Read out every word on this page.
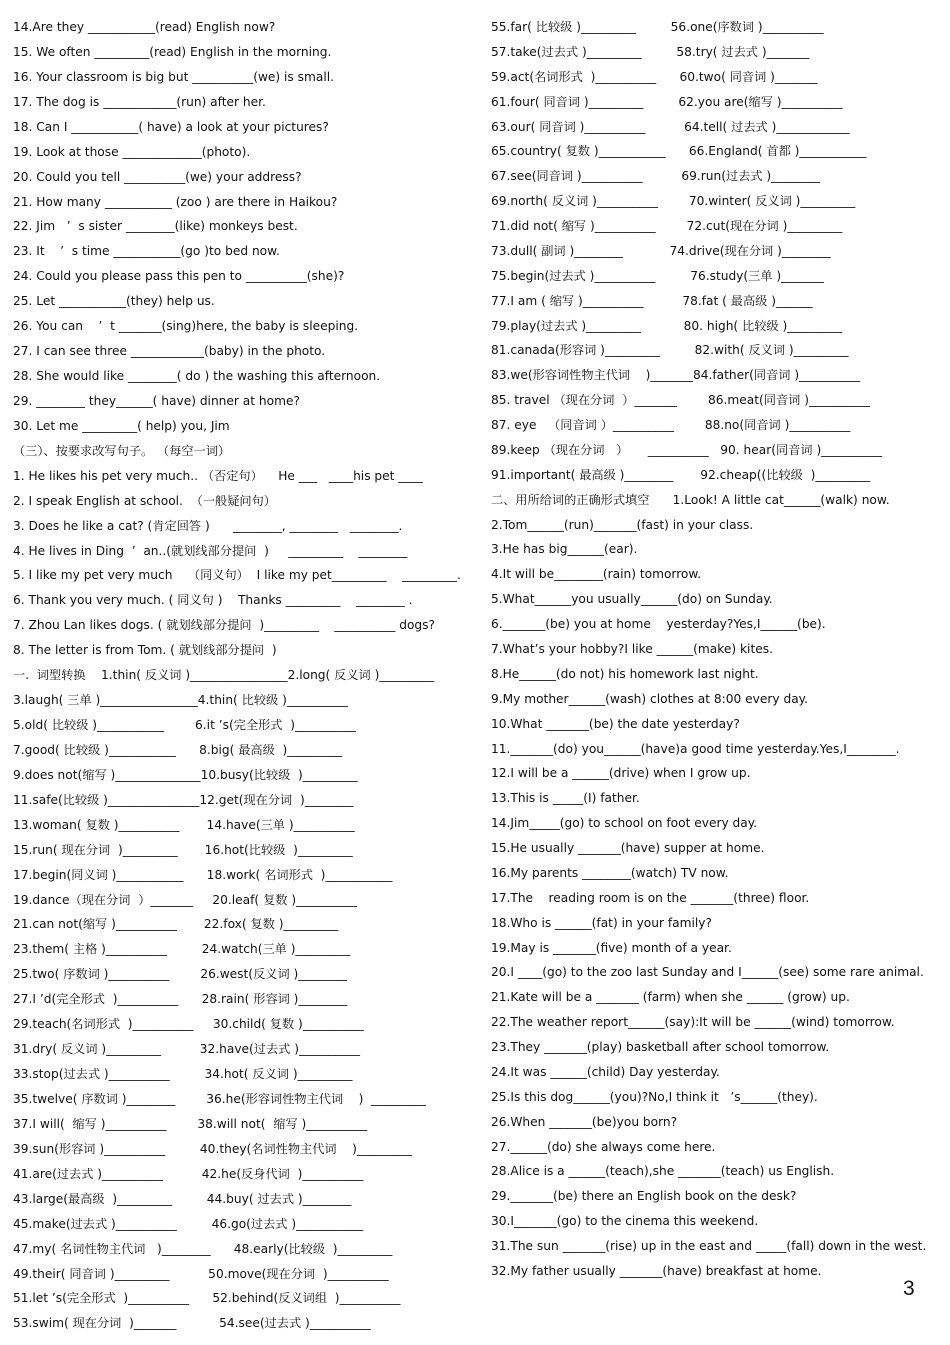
14.Are they ___________(read) English now?
15. We often _________(read) English in the morning.
16. Your classroom is big but __________(we) is small.
17. The dog is ____________(run) after her.
18. Can I ___________( have) a look at your pictures?
19. Look at those _____________(photo).
20. Could you tell __________(we) your address?
21. How many ___________ (zoo ) are there in Haikou?
22. Jim   ’  s sister ________(like) monkeys best.
23. It    ’  s time ___________(go )to bed now.
24. Could you please pass this pen to __________(she)?
25. Let ___________(they) help us.
26. You can    ’  t _______(sing)here, the baby is sleeping.
27. I can see three ____________(baby) in the photo.
28. She would like ________( do ) the washing this afternoon.
29. ________ they______( have) dinner at home?
30. Let me _________( help) you, Jim
（三）、按要求改写句子。 （每空一词）
1. He likes his pet very much.. （否定句）    He ___   ____his pet ____
2. I speak English at school.  （一般疑问句）
3. Does he like a cat? (肯定回答 )      ________, ________   ________.
4. He lives in Ding  ’  an..(就划线部分提问  )     _________    ________
5. I like my pet very much    （同义句）  I like my pet_________    _________.
6. Thank you very much. ( 同义句 )    Thanks _________    ________ .
7. Zhou Lan likes dogs. ( 就划线部分提问  )_________    __________ dogs?
8. The letter is from Tom. ( 就划线部分提问  )
一.  词型转换    1.thin( 反义词 )________________2.long( 反义词 )_________
3.laugh( 三单 )________________4.thin( 比较级 )__________
5.old( 比较级 )___________        6.it ’s(完全形式  )__________
7.good( 比较级 )___________      8.big( 最高级  )_________
9.does not(缩写 )______________10.busy(比较级  )_________
11.safe(比较级 )_______________12.get(现在分词  )________
13.woman( 复数 )__________       14.have(三单 )__________
15.run( 现在分词  )_________       16.hot(比较级  )_________
17.begin(同义词 )___________      18.work( 名词形式  )___________
19.dance（现在分词  ）_______     20.leaf( 复数 )__________
21.can not(缩写 )__________       22.fox( 复数 )_________
23.them( 主格 )__________         24.watch(三单 )_________
25.two( 序数词 )__________        26.west(反义词 )________
27.I ’d(完全形式  )__________      28.rain( 形容词 )________
29.teach(名词形式  )__________     30.child( 复数 )__________
31.dry( 反义词 )_________          32.have(过去式 )__________
33.stop(过去式 )__________         34.hot( 反义词 )_________
35.twelve( 序数词 )________        36.he(形容词性物主代词    )  _________
37.I will(  缩写 )__________        38.will not(  缩写 )__________
39.sun(形容词 )__________         40.they(名词性物主代词    )_________
41.are(过去式 )__________          42.he(反身代词  )__________
43.large(最高级  )_________         44.buy( 过去式 )________
45.make(过去式 )__________         46.go(过去式 )___________
47.my( 名词性物主代词   )________      48.early(比较级  )_________
49.their( 同音词 )_________          50.move(现在分词  )__________
51.let ’s(完全形式  )__________      52.behind(反义词组  )__________
53.swim( 现在分词  )_______           54.see(过去式 )__________
55.far( 比较级 )_________         56.one(序数词 )__________
57.take(过去式 )_________         58.try( 过去式 )_______
59.act(名词形式  )__________      60.two( 同音词 )_______
61.four( 同音词 )_________         62.you are(缩写 )__________
63.our( 同音词 )__________          64.tell( 过去式 )____________
65.country( 复数 )___________      66.England( 首都 )___________
67.see(同音词 )__________          69.run(过去式 )________
69.north( 反义词 )__________        70.winter( 反义词 )_________
71.did not( 缩写 )__________        72.cut(现在分词 )_________
73.dull( 副词 )________            74.drive(现在分词 )________
75.begin(过去式 )__________         76.study(三单 )_______
77.I am ( 缩写 )__________          78.fat ( 最高级 )______
79.play(过去式 )_________           80. high( 比较级 )_________
81.canada(形容词 )_________         82.with( 反义词 )_________
83.we(形容词性物主代词    )_______84.father(同音词 )__________
85. travel （现在分词  ）_______        86.meat(同音词 )__________
87. eye   （同音词 ）__________        88.no(同音词 )__________
89.keep （现在分词   ）     __________   90. hear(同音词 )__________
91.important( 最高级 )________       92.cheap((比较级  )_________
二、用所给词的正确形式填空      1.Look! A little cat______(walk) now.
2.Tom______(run)_______(fast) in your class.
3.He has big______(ear).
4.It will be________(rain) tomorrow.
5.What______you usually______(do) on Sunday.
6._______(be) you at home    yesterday?Yes,I______(be).
7.What’s your hobby?I like ______(make) kites.
8.He______(do not) his homework last night.
9.My mother______(wash) clothes at 8:00 every day.
10.What _______(be) the date yesterday?
11._______(do) you______(have)a good time yesterday.Yes,I________.
12.I will be a ______(drive) when I grow up.
13.This is _____(I) father.
14.Jim_____(go) to school on foot every day.
15.He usually _______(have) supper at home.
16.My parents ________(watch) TV now.
17.The    reading room is on the _______(three) floor.
18.Who is ______(fat) in your family?
19.May is _______(five) month of a year.
20.I ____(go) to the zoo last Sunday and I______(see) some rare animal.
21.Kate will be a _______ (farm) when she ______ (grow) up.
22.The weather report______(say):It will be ______(wind) tomorrow.
23.They _______(play) basketball after school tomorrow.
24.It was ______(child) Day yesterday.
25.Is this dog______(you)?No,I think it   ’s______(they).
26.When _______(be)you born?
27.______(do) she always come here.
28.Alice is a ______(teach),she _______(teach) us English.
29._______(be) there an English book on the desk?
30.I_______(go) to the cinema this weekend.
31.The sun _______(rise) up in the east and _____(fall) down in the west.
32.My father usually _______(have) breakfast at home.
3
